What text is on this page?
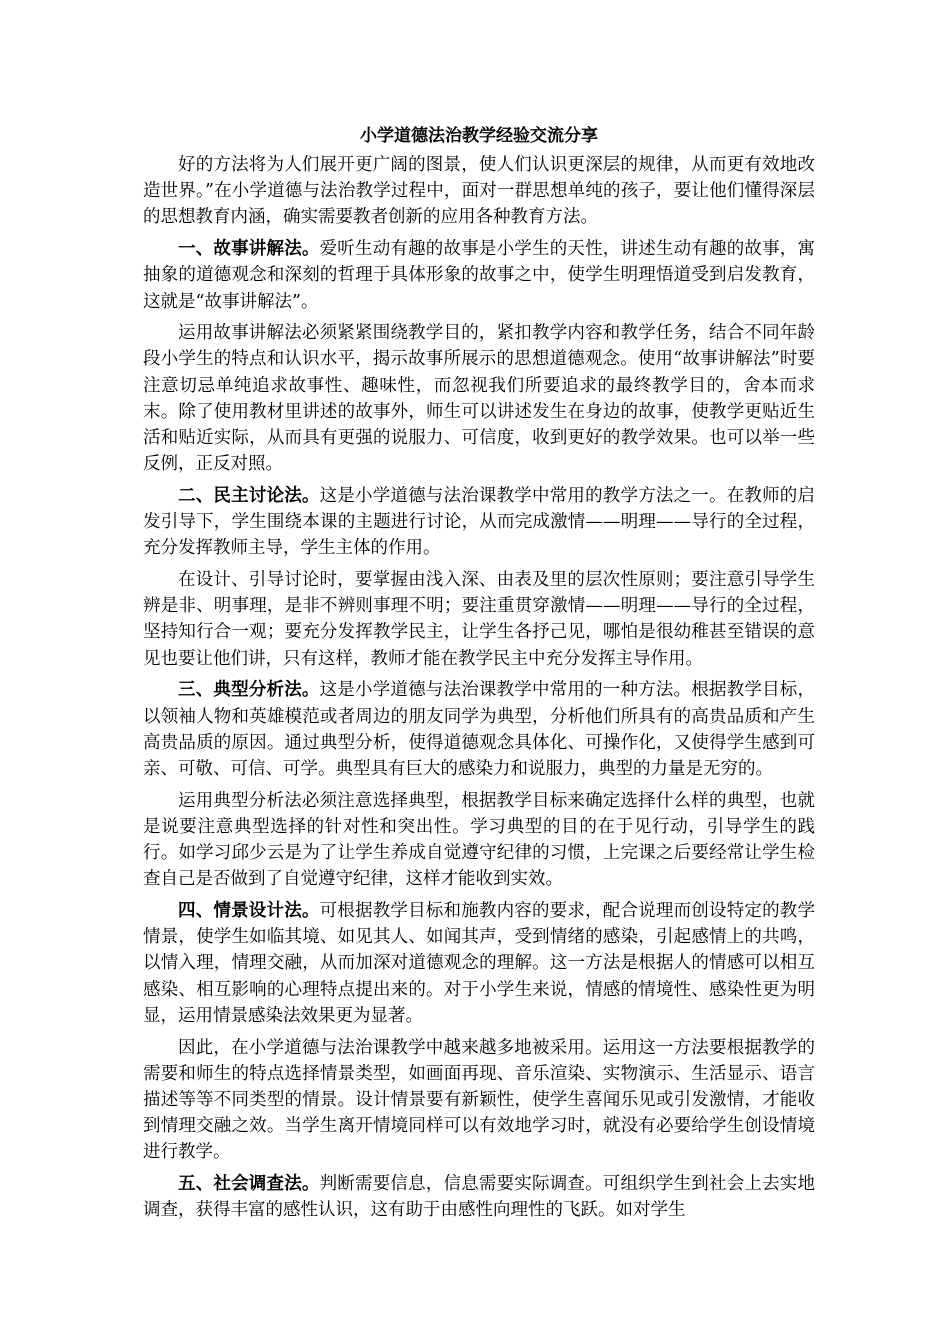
小学道德法治教学经验交流分享

好的方法将为人们展开更广阔的图景，使人们认识更深层的规律，从而更有效地改造世界。”在小学道德与法治教学过程中，面对一群思想单纯的孩子，要让他们懂得深层的思想教育内涵，确实需要教者创新的应用各种教育方法。

一、故事讲解法。爱听生动有趣的故事是小学生的天性，讲述生动有趣的故事，寓抽象的道德观念和深刻的哲理于具体形象的故事之中，使学生明理悟道受到启发教育，这就是“故事讲解法”。

运用故事讲解法必须紧紧围绕教学目的，紧扣教学内容和教学任务，结合不同年龄段小学生的特点和认识水平，揭示故事所展示的思想道德观念。使用“故事讲解法”时要注意切忌单纯追求故事性、趣味性，而忽视我们所要追求的最终教学目的，舍本而求末。除了使用教材里讲述的故事外，师生可以讲述发生在身边的故事，使教学更贴近生活和贴近实际，从而具有更强的说服力、可信度，收到更好的教学效果。也可以举一些反例，正反对照。

二、民主讨论法。这是小学道德与法治课教学中常用的教学方法之一。在教师的启发引导下，学生围绕本课的主题进行讨论，从而完成激情——明理——导行的全过程，充分发挥教师主导，学生主体的作用。

在设计、引导讨论时，要掌握由浅入深、由表及里的层次性原则；要注意引导学生辨是非、明事理，是非不辨则事理不明；要注重贯穿激情——明理——导行的全过程，坚持知行合一观；要充分发挥教学民主，让学生各抒己见，哪怕是很幼稚甚至错误的意见也要让他们讲，只有这样，教师才能在教学民主中充分发挥主导作用。

三、典型分析法。这是小学道德与法治课教学中常用的一种方法。根据教学目标，以领袖人物和英雄模范或者周边的朋友同学为典型，分析他们所具有的高贵品质和产生高贵品质的原因。通过典型分析，使得道德观念具体化、可操作化，又使得学生感到可亲、可敬、可信、可学。典型具有巨大的感染力和说服力，典型的力量是无穷的。

运用典型分析法必须注意选择典型，根据教学目标来确定选择什么样的典型，也就是说要注意典型选择的针对性和突出性。学习典型的目的在于见行动，引导学生的践行。如学习邱少云是为了让学生养成自觉遵守纪律的习惯，上完课之后要经常让学生检查自己是否做到了自觉遵守纪律，这样才能收到实效。

四、情景设计法。可根据教学目标和施教内容的要求，配合说理而创设特定的教学情景，使学生如临其境、如见其人、如闻其声，受到情绪的感染，引起感情上的共鸣，以情入理，情理交融，从而加深对道德观念的理解。这一方法是根据人的情感可以相互感染、相互影响的心理特点提出来的。对于小学生来说，情感的情境性、感染性更为明显，运用情景感染法效果更为显著。

因此，在小学道德与法治课教学中越来越多地被采用。运用这一方法要根据教学的需要和师生的特点选择情景类型，如画面再现、音乐渲染、实物演示、生活显示、语言描述等等不同类型的情景。设计情景要有新颖性，使学生喜闻乐见或引发激情，才能收到情理交融之效。当学生离开情境同样可以有效地学习时，就没有必要给学生创设情境进行教学。

五、社会调查法。判断需要信息，信息需要实际调查。可组织学生到社会上去实地调查，获得丰富的感性认识，这有助于由感性向理性的飞跃。如对学生
